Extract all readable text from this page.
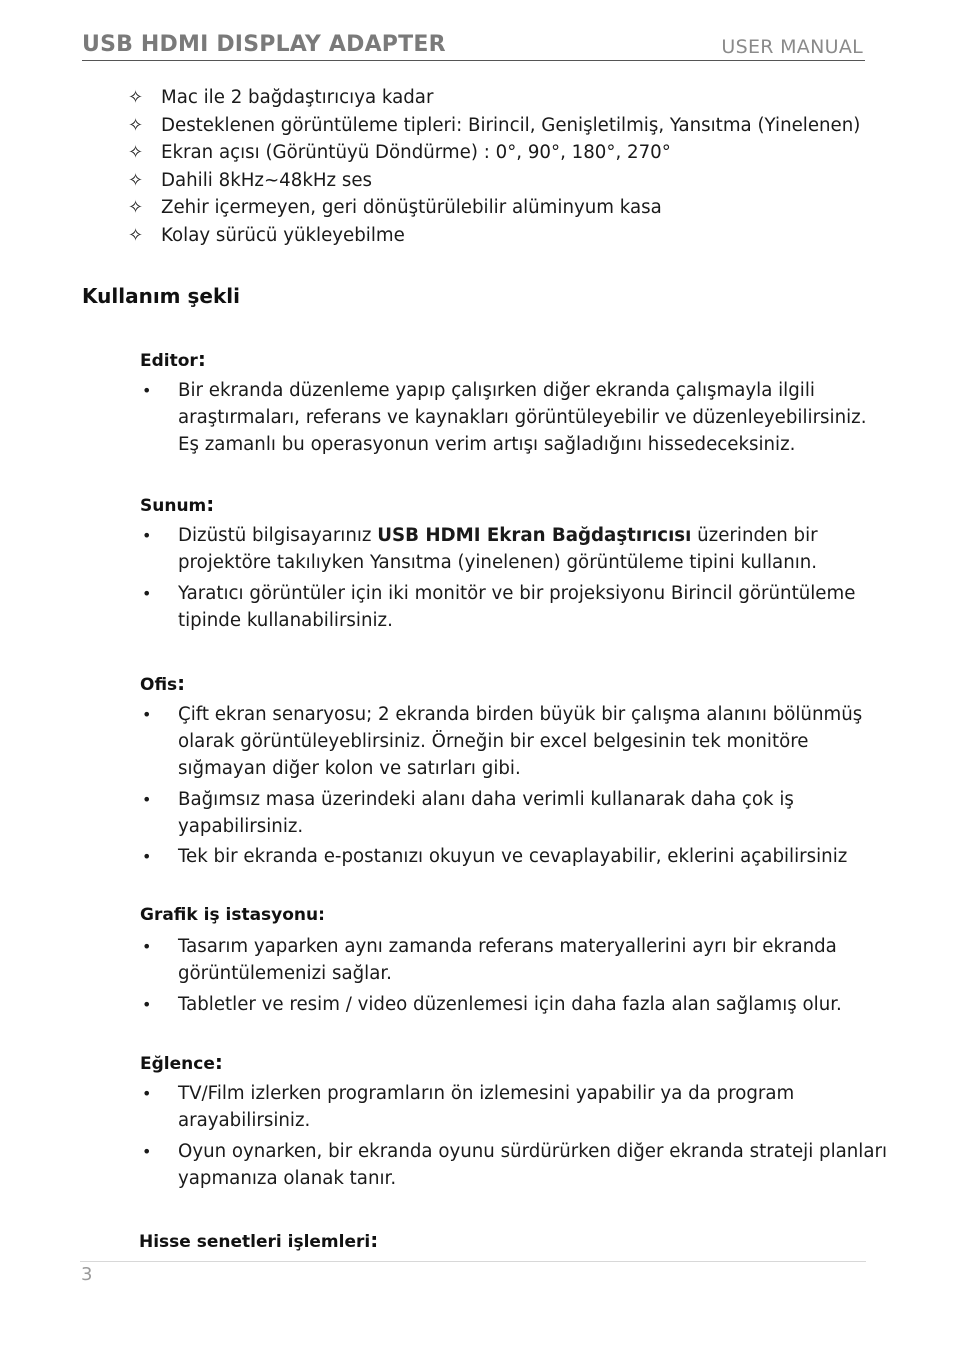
USB HDMI DISPLAY ADAPTER	USER MANUAL
✧ Mac ile 2 bağdaştırıcıya kadar
✧ Desteklenen görüntüleme tipleri: Birincil, Genişletilmiş, Yansıtma (Yinelenen)
✧ Ekran açısı (Görüntüyü Döndürme) : 0°, 90°, 180°, 270°
✧ Dahili 8kHz~48kHz ses
✧ Zehir içermeyen, geri dönüştürülebilir alüminyum kasa
✧ Kolay sürücü yükleyebilme
Kullanım şekli
Editor:
• Bir ekranda düzenleme yapıp çalışırken diğer ekranda çalışmayla ilgili araştırmaları, referans ve kaynakları görüntüleyebilir ve düzenleyebilirsiniz. Eş zamanlı bu operasyonun verim artışı sağladığını hissedeceksiniz.
Sunum:
• Dizüstü bilgisayarınız USB HDMI Ekran Bağdaştırıcısı üzerinden bir projektöre takılıyken Yansıtma (yinelenen) görüntüleme tipini kullanın.
• Yaratıcı görüntüler için iki monitör ve bir projeksiyonu Birincil görüntüleme tipinde kullanabilirsiniz.
Ofis:
• Çift ekran senaryosu; 2 ekranda birden büyük bir çalışma alanını bölünmüş olarak görüntüleyeblirsiniz. Örneğin bir excel belgesinin tek monitöre sığmayan diğer kolon ve satırları gibi.
• Bağımsız masa üzerindeki alanı daha verimli kullanarak daha çok iş yapabilirsiniz.
• Tek bir ekranda e-postanızı okuyun ve cevaplayabilir, eklerini açabilirsiniz
Grafik iş istasyonu:
• Tasarım yaparken aynı zamanda referans materyallerini ayrı bir ekranda görüntülemenizi sağlar.
• Tabletler ve resim / video düzenlemesi için daha fazla alan sağlamış olur.
Eğlence:
• TV/Film izlerken programların ön izlemesini yapabilir ya da program arayabilirsiniz.
• Oyun oynarken, bir ekranda oyunu sürdürürken diğer ekranda strateji planları yapmanıza olanak tanır.
Hisse senetleri işlemleri:
3
